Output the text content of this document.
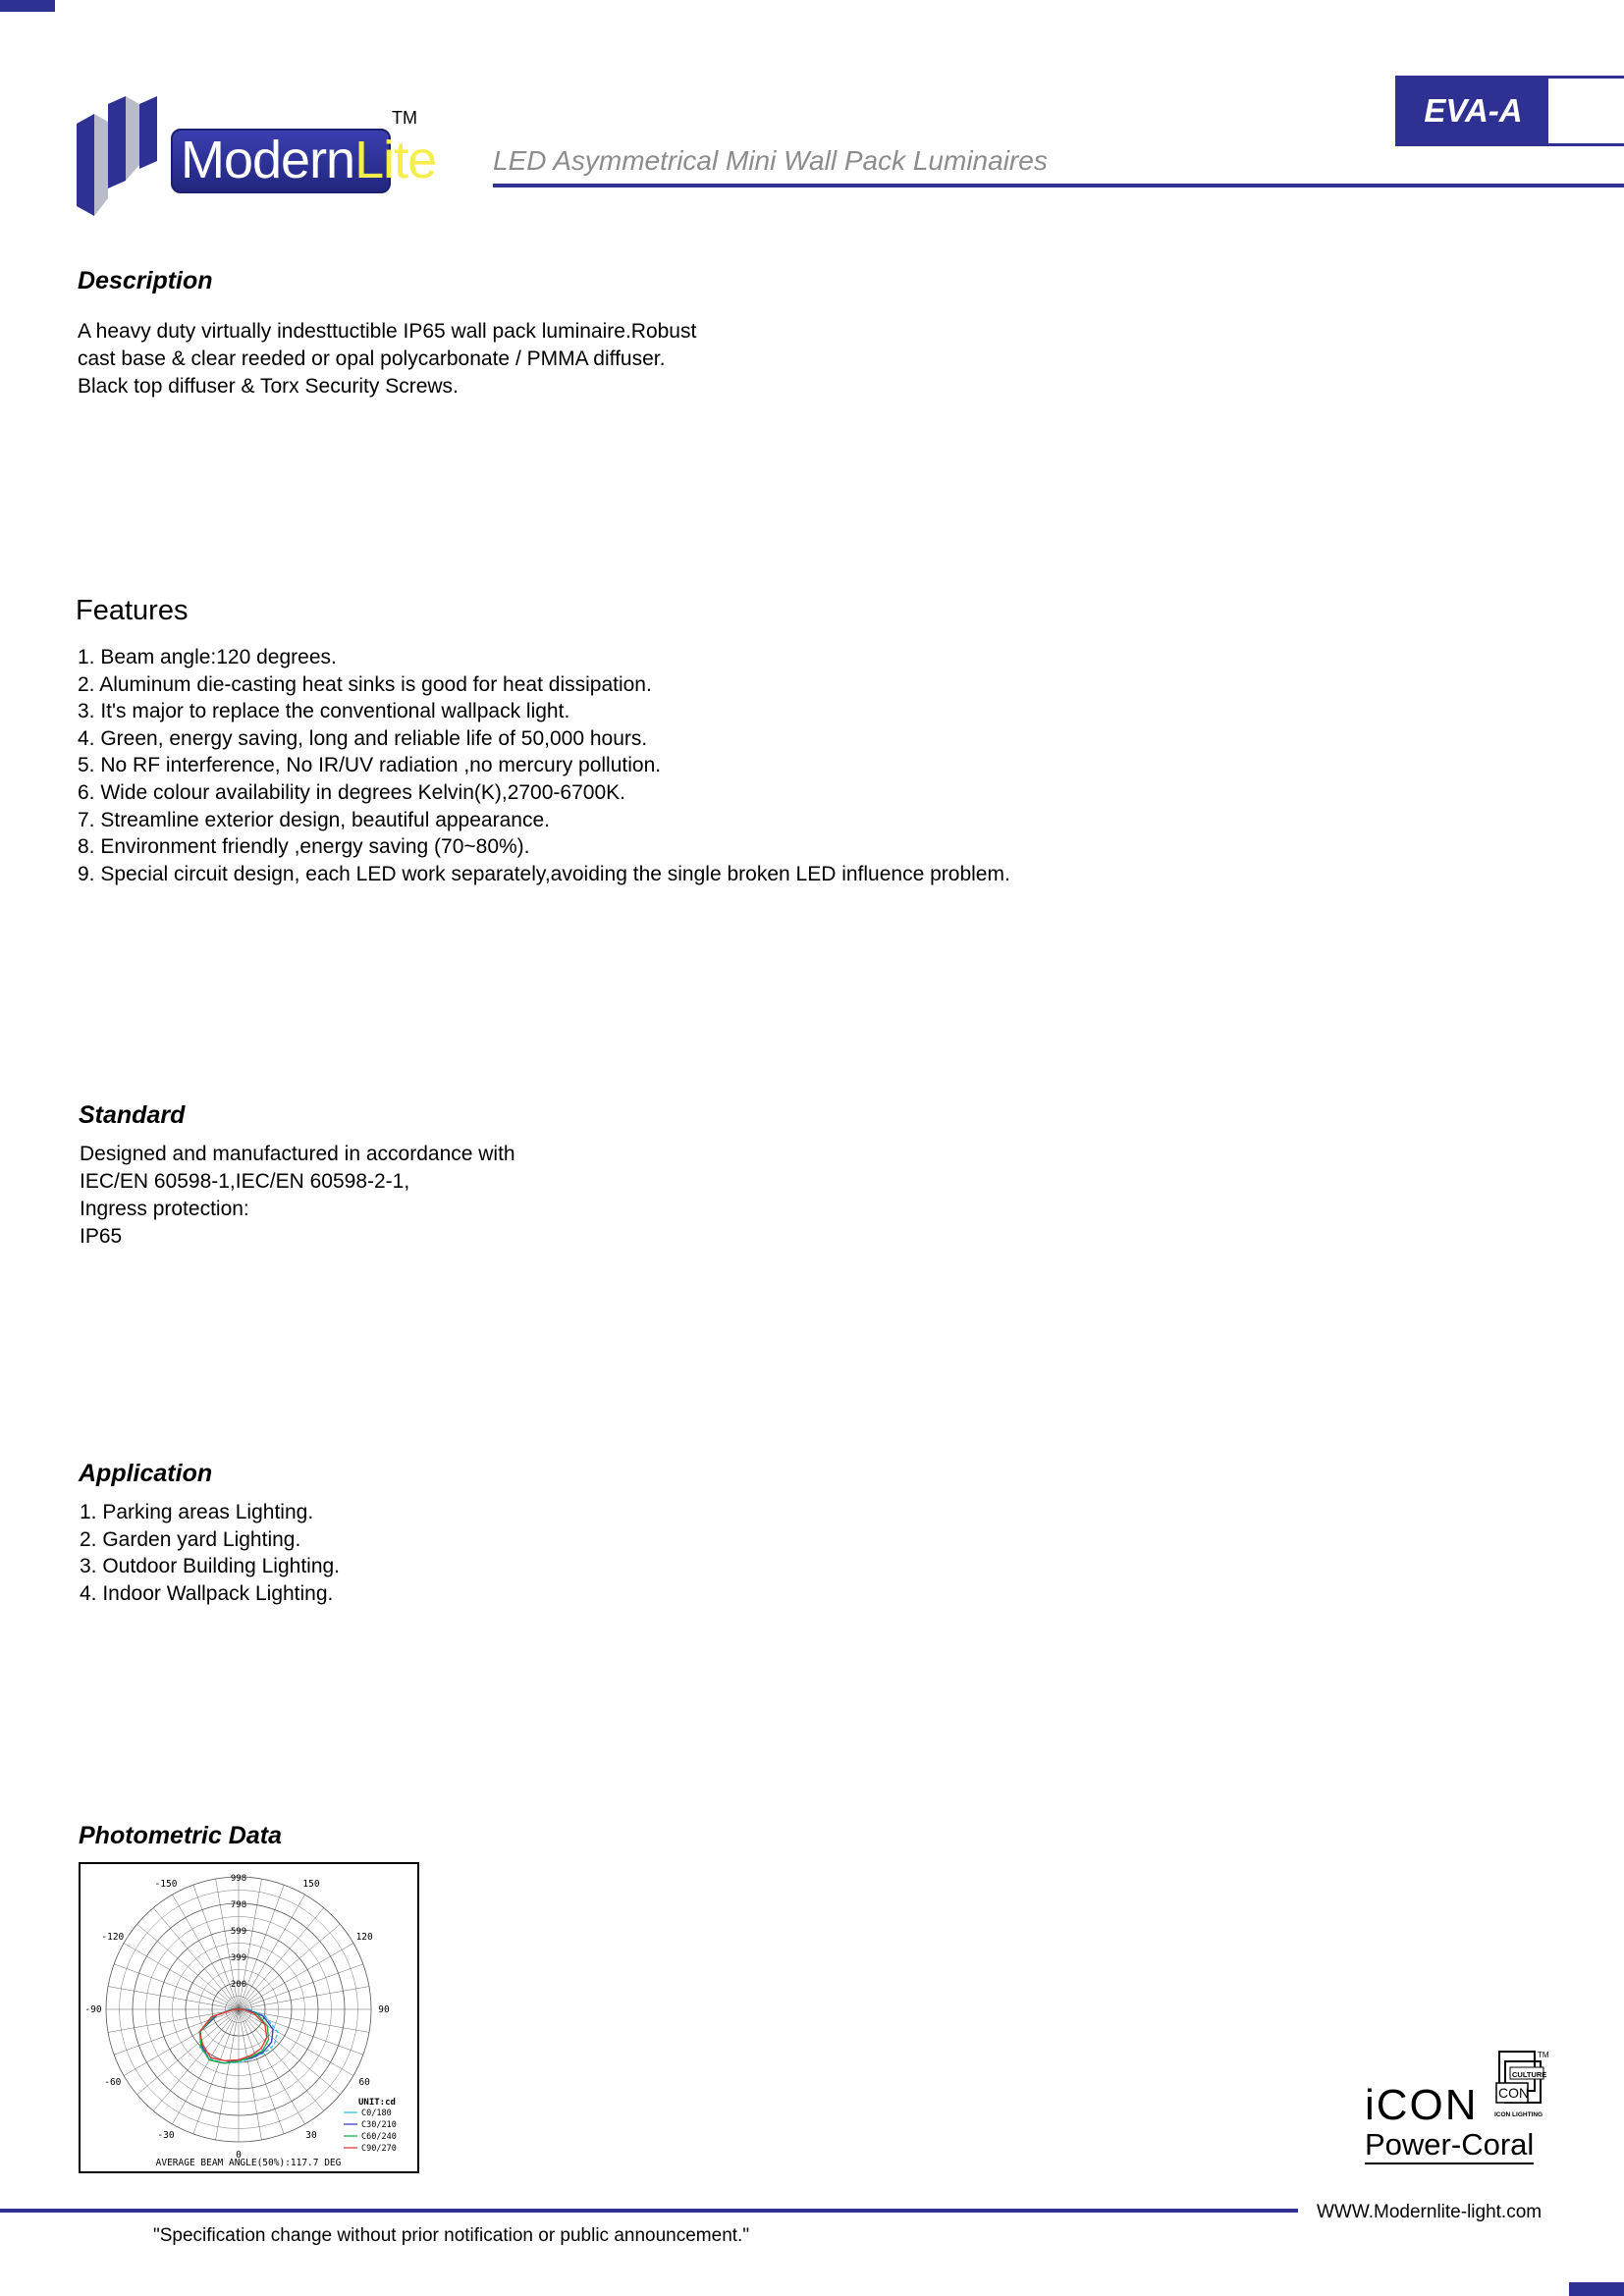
ModernLite
TM
LED Asymmetrical Mini Wall Pack Luminaires
EVA-A
Description
A heavy duty virtually indesttuctible IP65 wall pack luminaire.Robust
cast base & clear reeded or opal polycarbonate / PMMA diffuser.
Black top diffuser & Torx Security Screws.
Features
1. Beam angle:120 degrees.
2. Aluminum die-casting heat sinks is good for heat dissipation.
3. It's major to replace the conventional wallpack light.
4. Green, energy saving, long and reliable life of 50,000 hours.
5. No RF interference, No IR/UV radiation ,no mercury pollution.
6. Wide colour availability in degrees Kelvin(K),2700-6700K.
7. Streamline exterior design, beautiful appearance.
8. Environment friendly ,energy saving (70~80%).
9. Special circuit design, each LED work separately,avoiding the single broken LED influence problem.
Standard
Designed and manufactured in accordance with
IEC/EN 60598-1,IEC/EN 60598-2-1,
Ingress protection:
IP65
Application
1. Parking areas Lighting.
2. Garden yard Lighting.
3. Outdoor Building Lighting.
4. Indoor Wallpack Lighting.
Photometric Data
200
399
599
798
998
-150	150
-120	120
-90	90
-60	60
-30	30
0
C0/180
C30/210
C60/240
C90/270
UNIT:cd
AVERAGE BEAM ANGLE(50%):117.7 DEG
iCON
Power-Coral
CULTURE
CON
ICON LIGHTING
TM
WWW.Modernlite-light.com
"Specification change without prior notification or public announcement."
